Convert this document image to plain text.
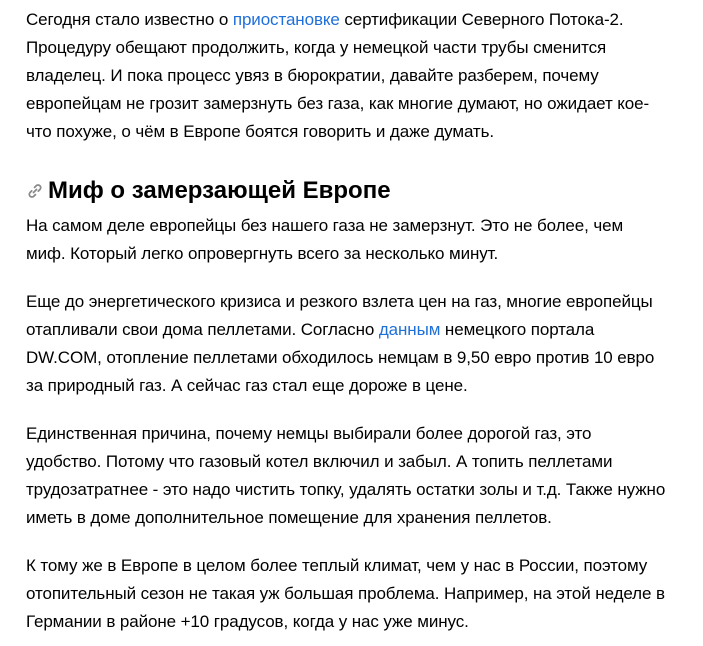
Сегодня стало известно о приостановке сертификации Северного Потока-2. Процедуру обещают продолжить, когда у немецкой части трубы сменится владелец. И пока процесс увяз в бюрократии, давайте разберем, почему европейцам не грозит замерзнуть без газа, как многие думают, но ожидает кое-что похуже, о чём в Европе боятся говорить и даже думать.

Миф о замерзающей Европе

На самом деле европейцы без нашего газа не замерзнут. Это не более, чем миф. Который легко опровергнуть всего за несколько минут.

Еще до энергетического кризиса и резкого взлета цен на газ, многие европейцы отапливали свои дома пеллетами. Согласно данным немецкого портала DW.COM, отопление пеллетами обходилось немцам в 9,50 евро против 10 евро за природный газ. А сейчас газ стал еще дороже в цене.

Единственная причина, почему немцы выбирали более дорогой газ, это удобство. Потому что газовый котел включил и забыл. А топить пеллетами трудозатратнее - это надо чистить топку, удалять остатки золы и т.д. Также нужно иметь в доме дополнительное помещение для хранения пеллетов.

К тому же в Европе в целом более теплый климат, чем у нас в России, поэтому отопительный сезон не такая уж большая проблема. Например, на этой неделе в Германии в районе +10 градусов, когда у нас уже минус.
